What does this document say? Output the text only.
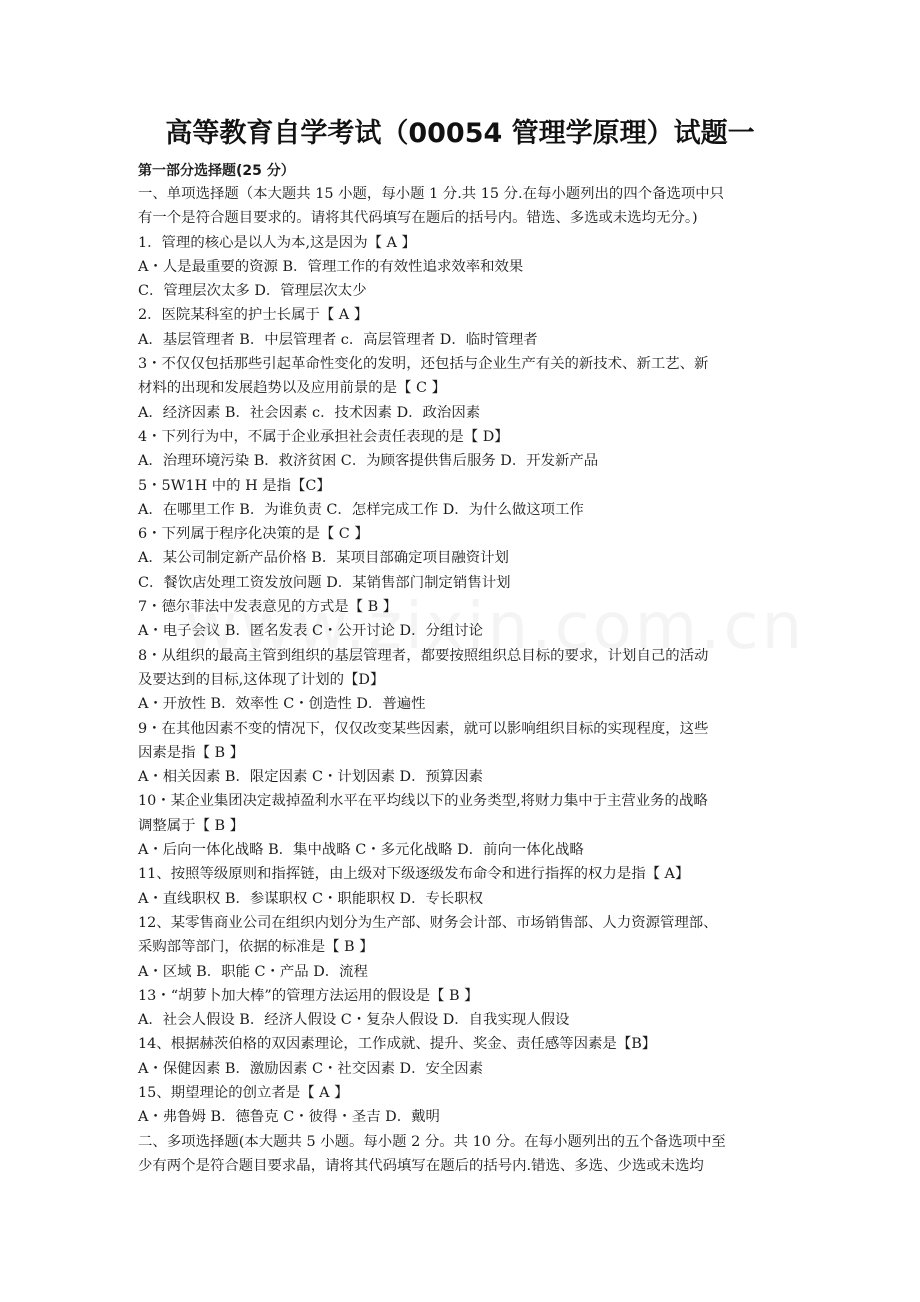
高等教育自学考试（00054 管理学原理）试题一
第一部分选择题(25 分）
一、单项选择题（本大题共 15 小题，每小题 1 分.共 15 分.在每小题列出的四个备选项中只
有一个是符合题目要求的。请将其代码填写在题后的括号内。错选、多选或未选均无分。)
1．管理的核心是以人为本,这是因为【 A 】
A・人是最重要的资源 B．管理工作的有效性追求效率和效果
C．管理层次太多 D．管理层次太少
2．医院某科室的护士长属于【 A 】
A．基层管理者 B．中层管理者 c．高层管理者 D．临时管理者
3・不仅仅包括那些引起革命性变化的发明，还包括与企业生产有关的新技术、新工艺、新
材料的出现和发展趋势以及应用前景的是【 C 】
A．经济因素 B．社会因素 c．技术因素 D．政治因素
4・下列行为中，不属于企业承担社会责任表现的是【 D】
A．治理环境污染 B．救济贫困 C．为顾客提供售后服务 D．开发新产品
5・5W1H 中的 H 是指【C】
A．在哪里工作 B．为谁负责 C．怎样完成工作 D．为什么做这项工作
6・下列属于程序化决策的是【 C 】
A．某公司制定新产品价格 B．某项目部确定项目融资计划
C．餐饮店处理工资发放问题 D．某销售部门制定销售计划
7・德尔菲法中发表意见的方式是【 B 】
A・电子会议 B．匿名发表 C・公开讨论 D．分组讨论
8・从组织的最高主管到组织的基层管理者，都要按照组织总目标的要求，计划自己的活动
及要达到的目标,这体现了计划的【D】
A・开放性 B．效率性 C・创造性 D．普遍性
9・在其他因素不变的情况下，仅仅改变某些因素，就可以影响组织目标的实现程度，这些
因素是指【 B 】
A・相关因素 B．限定因素 C・计划因素 D．预算因素
10・某企业集团决定裁掉盈利水平在平均线以下的业务类型,将财力集中于主营业务的战略
调整属于【 B 】
A・后向一体化战略 B．集中战略 C・多元化战略 D．前向一体化战略
11、按照等级原则和指挥链，由上级对下级逐级发布命令和进行指挥的权力是指【 A】
A・直线职权 B．参谋职权 C・职能职权 D．专长职权
12、某零售商业公司在组织内划分为生产部、财务会计部、市场销售部、人力资源管理部、
采购部等部门，依据的标准是【 B 】
A・区域 B．职能 C・产品 D．流程
13・“胡萝卜加大棒”的管理方法运用的假设是【 B 】
A．社会人假设 B．经济人假设 C・复杂人假设 D．自我实现人假设
14、根据赫茨伯格的双因素理论，工作成就、提升、奖金、责任感等因素是【B】
A・保健因素 B．激励因素 C・社交因素 D．安全因素
15、期望理论的创立者是【 A 】
A・弗鲁姆 B．德鲁克 C・彼得・圣吉 D．戴明
二、多项选择题(本大题共 5 小题。每小题 2 分。共 10 分。在每小题列出的五个备选项中至
少有两个是符合题目要求晶，请将其代码填写在题后的括号内.错选、多选、少选或未选均
